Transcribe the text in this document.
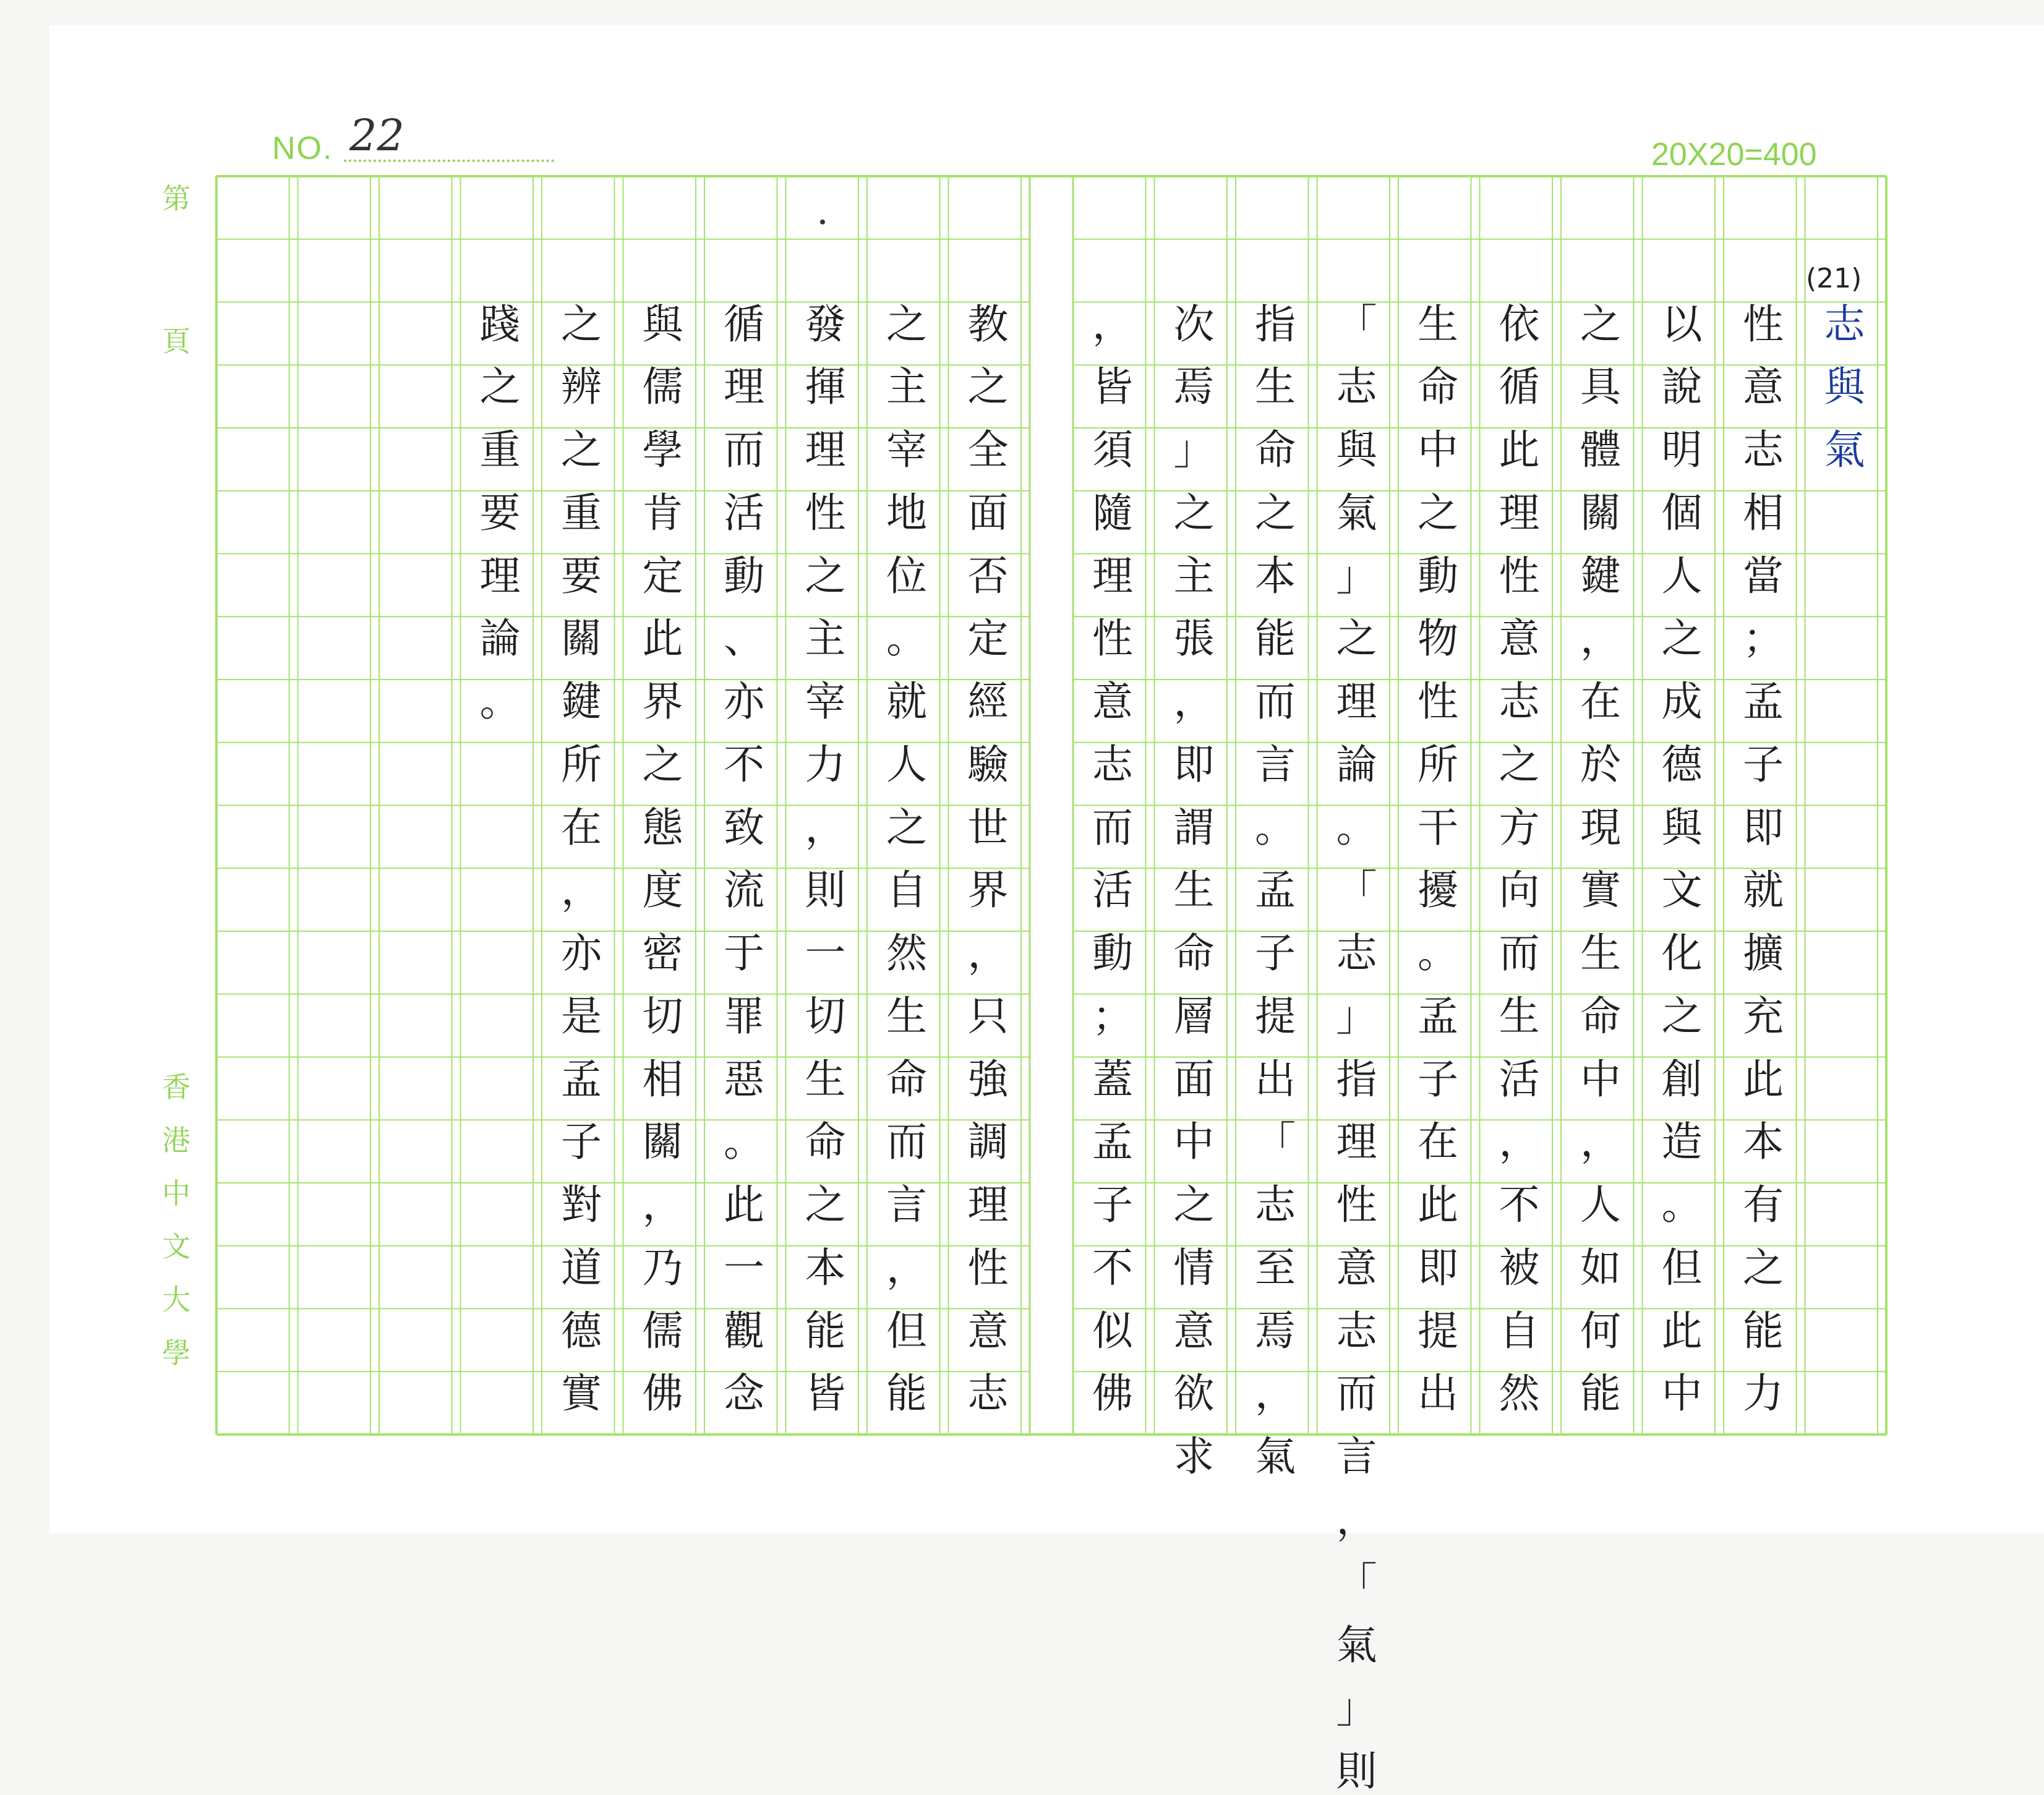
第
頁
香
港
中
文
大
學
NO. 22	20X20=400
(21)
志
與
氣
性
意
志
相
當
；
孟
子
即
就
擴
充
此
本
有
之
能
力
以
說
明
個
人
之
成
德
與
文
化
之
創
造
。
但
此
中
之
具
體
關
鍵
，
在
於
現
實
生
命
中
，
人
如
何
能
依
循
此
理
性
意
志
之
方
向
而
生
活
，
不
被
自
然
生
命
中
之
動
物
性
所
干
擾
。
孟
子
在
此
即
提
出
「
志
與
氣
」
之
理
論
。
「
志
」
指
理
性
意
志
而
言
，
「
氣
」
則
指
生
命
之
本
能
而
言
。
孟
子
提
出
「
志
至
焉
，
氣
次
焉
」
之
主
張
，
即
謂
生
命
層
面
中
之
情
意
欲
求
，
皆
須
隨
理
性
意
志
而
活
動
；
蓋
孟
子
不
似
佛
教
之
全
面
否
定
經
驗
世
界
，
只
強
調
理
性
意
志
之
主
宰
地
位
。
就
人
之
自
然
生
命
而
言
，
但
能
發
揮
理
性
之
主
宰
力
，
則
一
切
生
命
之
本
能
皆
循
理
而
活
動
、
亦
不
致
流
于
罪
惡
。
此
一
觀
念
與
儒
學
肯
定
此
界
之
態
度
密
切
相
關
，
乃
儒
佛
之
辨
之
重
要
關
鍵
所
在
，
亦
是
孟
子
對
道
德
實
踐
之
重
要
理
論
。
